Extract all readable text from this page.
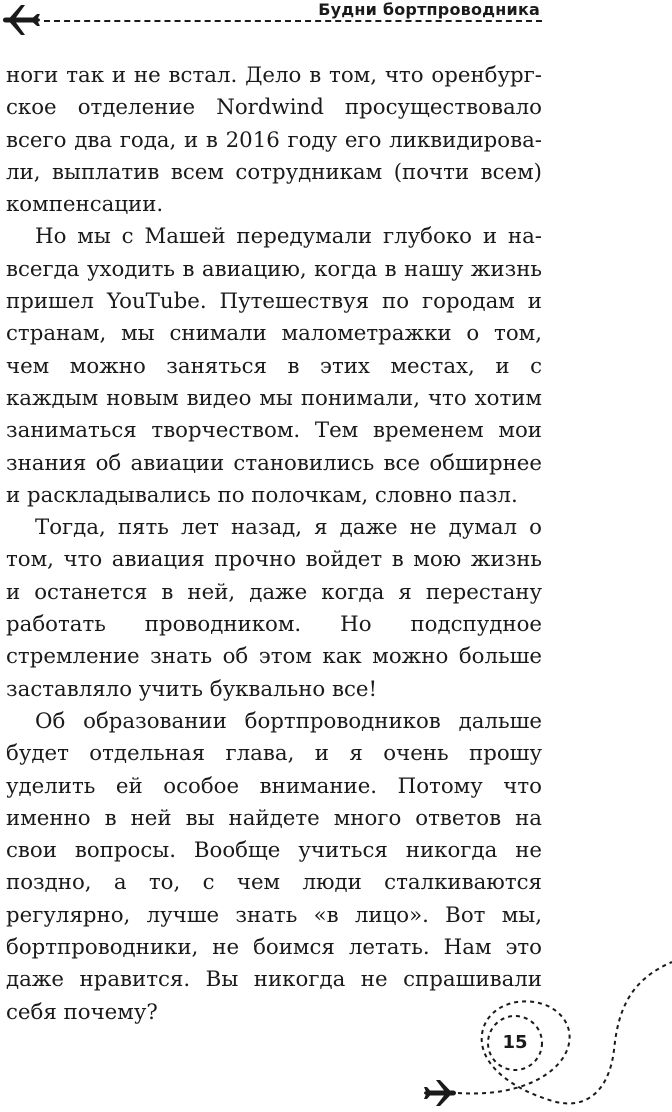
Будни бортпроводника

ноги так и не встал. Дело в том, что оренбургское отделение Nordwind просуществовало всего два года, и в 2016 году его ликвидировали, выплатив всем сотрудникам (почти всем) компенсации.

Но мы с Машей передумали глубоко и навсегда уходить в авиацию, когда в нашу жизнь пришел YouTube. Путешествуя по городам и странам, мы снимали малометражки о том, чем можно заняться в этих местах, и с каждым новым видео мы понимали, что хотим заниматься творчеством. Тем временем мои знания об авиации становились все обширнее и раскладывались по полочкам, словно пазл.

Тогда, пять лет назад, я даже не думал о том, что авиация прочно войдет в мою жизнь и останется в ней, даже когда я перестану работать проводником. Но подспудное стремление знать об этом как можно больше заставляло учить буквально все!

Об образовании бортпроводников дальше будет отдельная глава, и я очень прошу уделить ей особое внимание. Потому что именно в ней вы найдете много ответов на свои вопросы. Вообще учиться никогда не поздно, а то, с чем люди сталкиваются регулярно, лучше знать «в лицо». Вот мы, бортпроводники, не боимся летать. Нам это даже нравится. Вы никогда не спрашивали себя почему?

15
